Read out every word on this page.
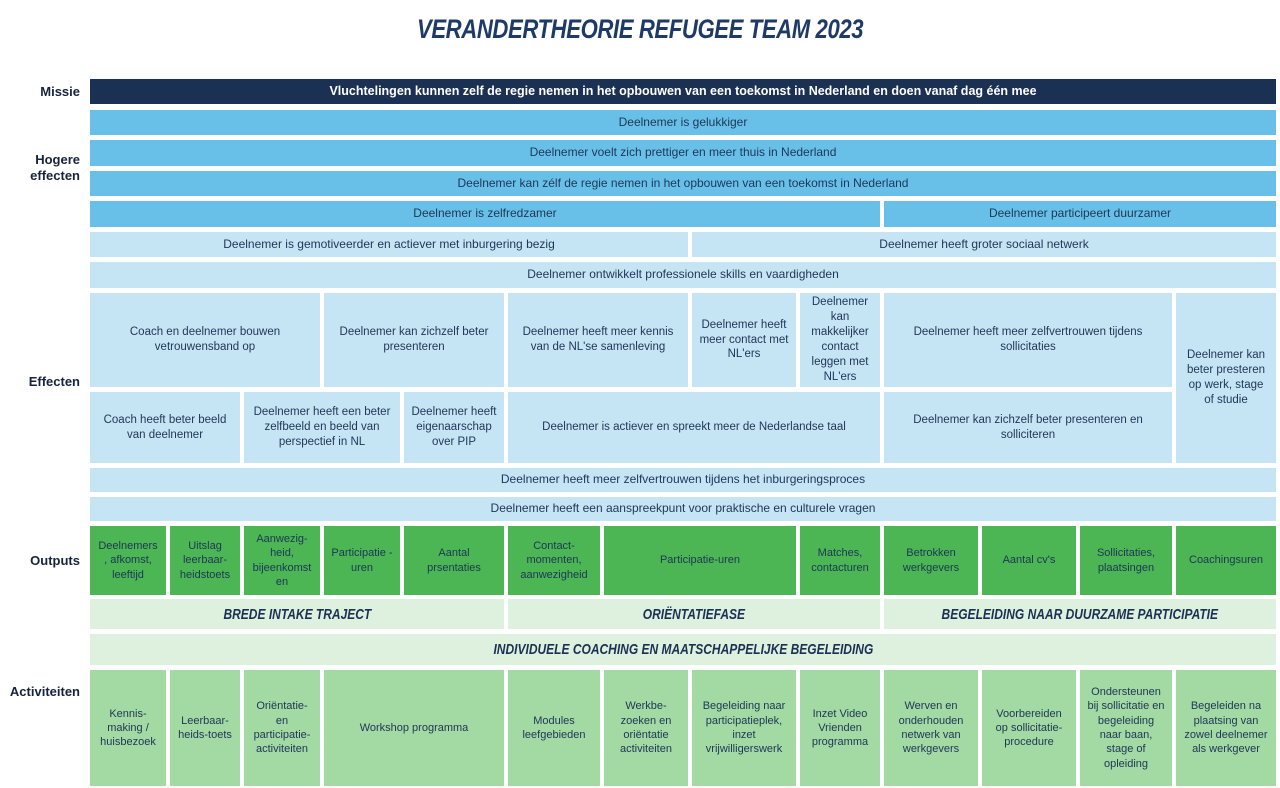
VERANDERTHEORIE REFUGEE TEAM 2023
Missie
Hogere effecten
Effecten
Outputs
Activiteiten
Vluchtelingen kunnen zelf de regie nemen in het opbouwen van een toekomst in Nederland en doen vanaf dag één mee
Deelnemer is gelukkiger
Deelnemer voelt zich prettiger en meer thuis in Nederland
Deelnemer kan zélf de regie nemen in het opbouwen van een toekomst in Nederland
Deelnemer is zelfredzamer	Deelnemer participeert duurzamer
Deelnemer is gemotiveerder en actiever met inburgering bezig	Deelnemer heeft groter sociaal netwerk
Deelnemer ontwikkelt professionele skills en vaardigheden
Coach en deelnemer bouwen vetrouwensband op
Deelnemer kan zichzelf beter presenteren
Deelnemer heeft meer kennis van de NL'se samenleving
Deelnemer heeft meer contact met NL'ers
Deelnemer kan makkelijker contact leggen met NL'ers
Deelnemer heeft meer zelfvertrouwen tijdens sollicitaties
Deelnemer kan beter presteren op werk, stage of studie
Coach heeft beter beeld van deelnemer
Deelnemer heeft een beter zelfbeeld en beeld van perspectief in NL
Deelnemer heeft eigenaarschap over PIP
Deelnemer is actiever en spreekt meer de Nederlandse taal
Deelnemer kan zichzelf beter presenteren en solliciteren
Deelnemer heeft meer zelfvertrouwen tijdens het inburgeringsproces
Deelnemer heeft een aanspreekpunt voor praktische en culturele vragen
Deelnemers, afkomst, leeftijd
Uitslag leerbaar-heidstoets
Aanwezig-heid, bijeenkomsten
Participatie -uren
Aantal prsentaties
Contact-momenten, aanwezigheid
Participatie-uren
Matches, contacturen
Betrokken werkgevers
Aantal cv's
Sollicitaties, plaatsingen
Coachingsuren
BREDE INTAKE TRAJECT	ORIËNTATIEFASE	BEGELEIDING NAAR DUURZAME PARTICIPATIE
INDIVIDUELE COACHING EN MAATSCHAPPELIJKE BEGELEIDING
Kennis-making / huisbezoek
Leerbaar-heids-toets
Oriëntatie- en participatie-activiteiten
Workshop programma
Modules leefgebieden
Werkbe-zoeken en oriëntatie activiteiten
Begeleiding naar participatieplek, inzet vrijwilligerswerk
Inzet Video Vrienden programma
Werven en onderhouden netwerk van werkgevers
Voorbereiden op sollicitatie-procedure
Ondersteunen bij sollicitatie en begeleiding naar baan, stage of opleiding
Begeleiden na plaatsing van zowel deelnemer als werkgever
